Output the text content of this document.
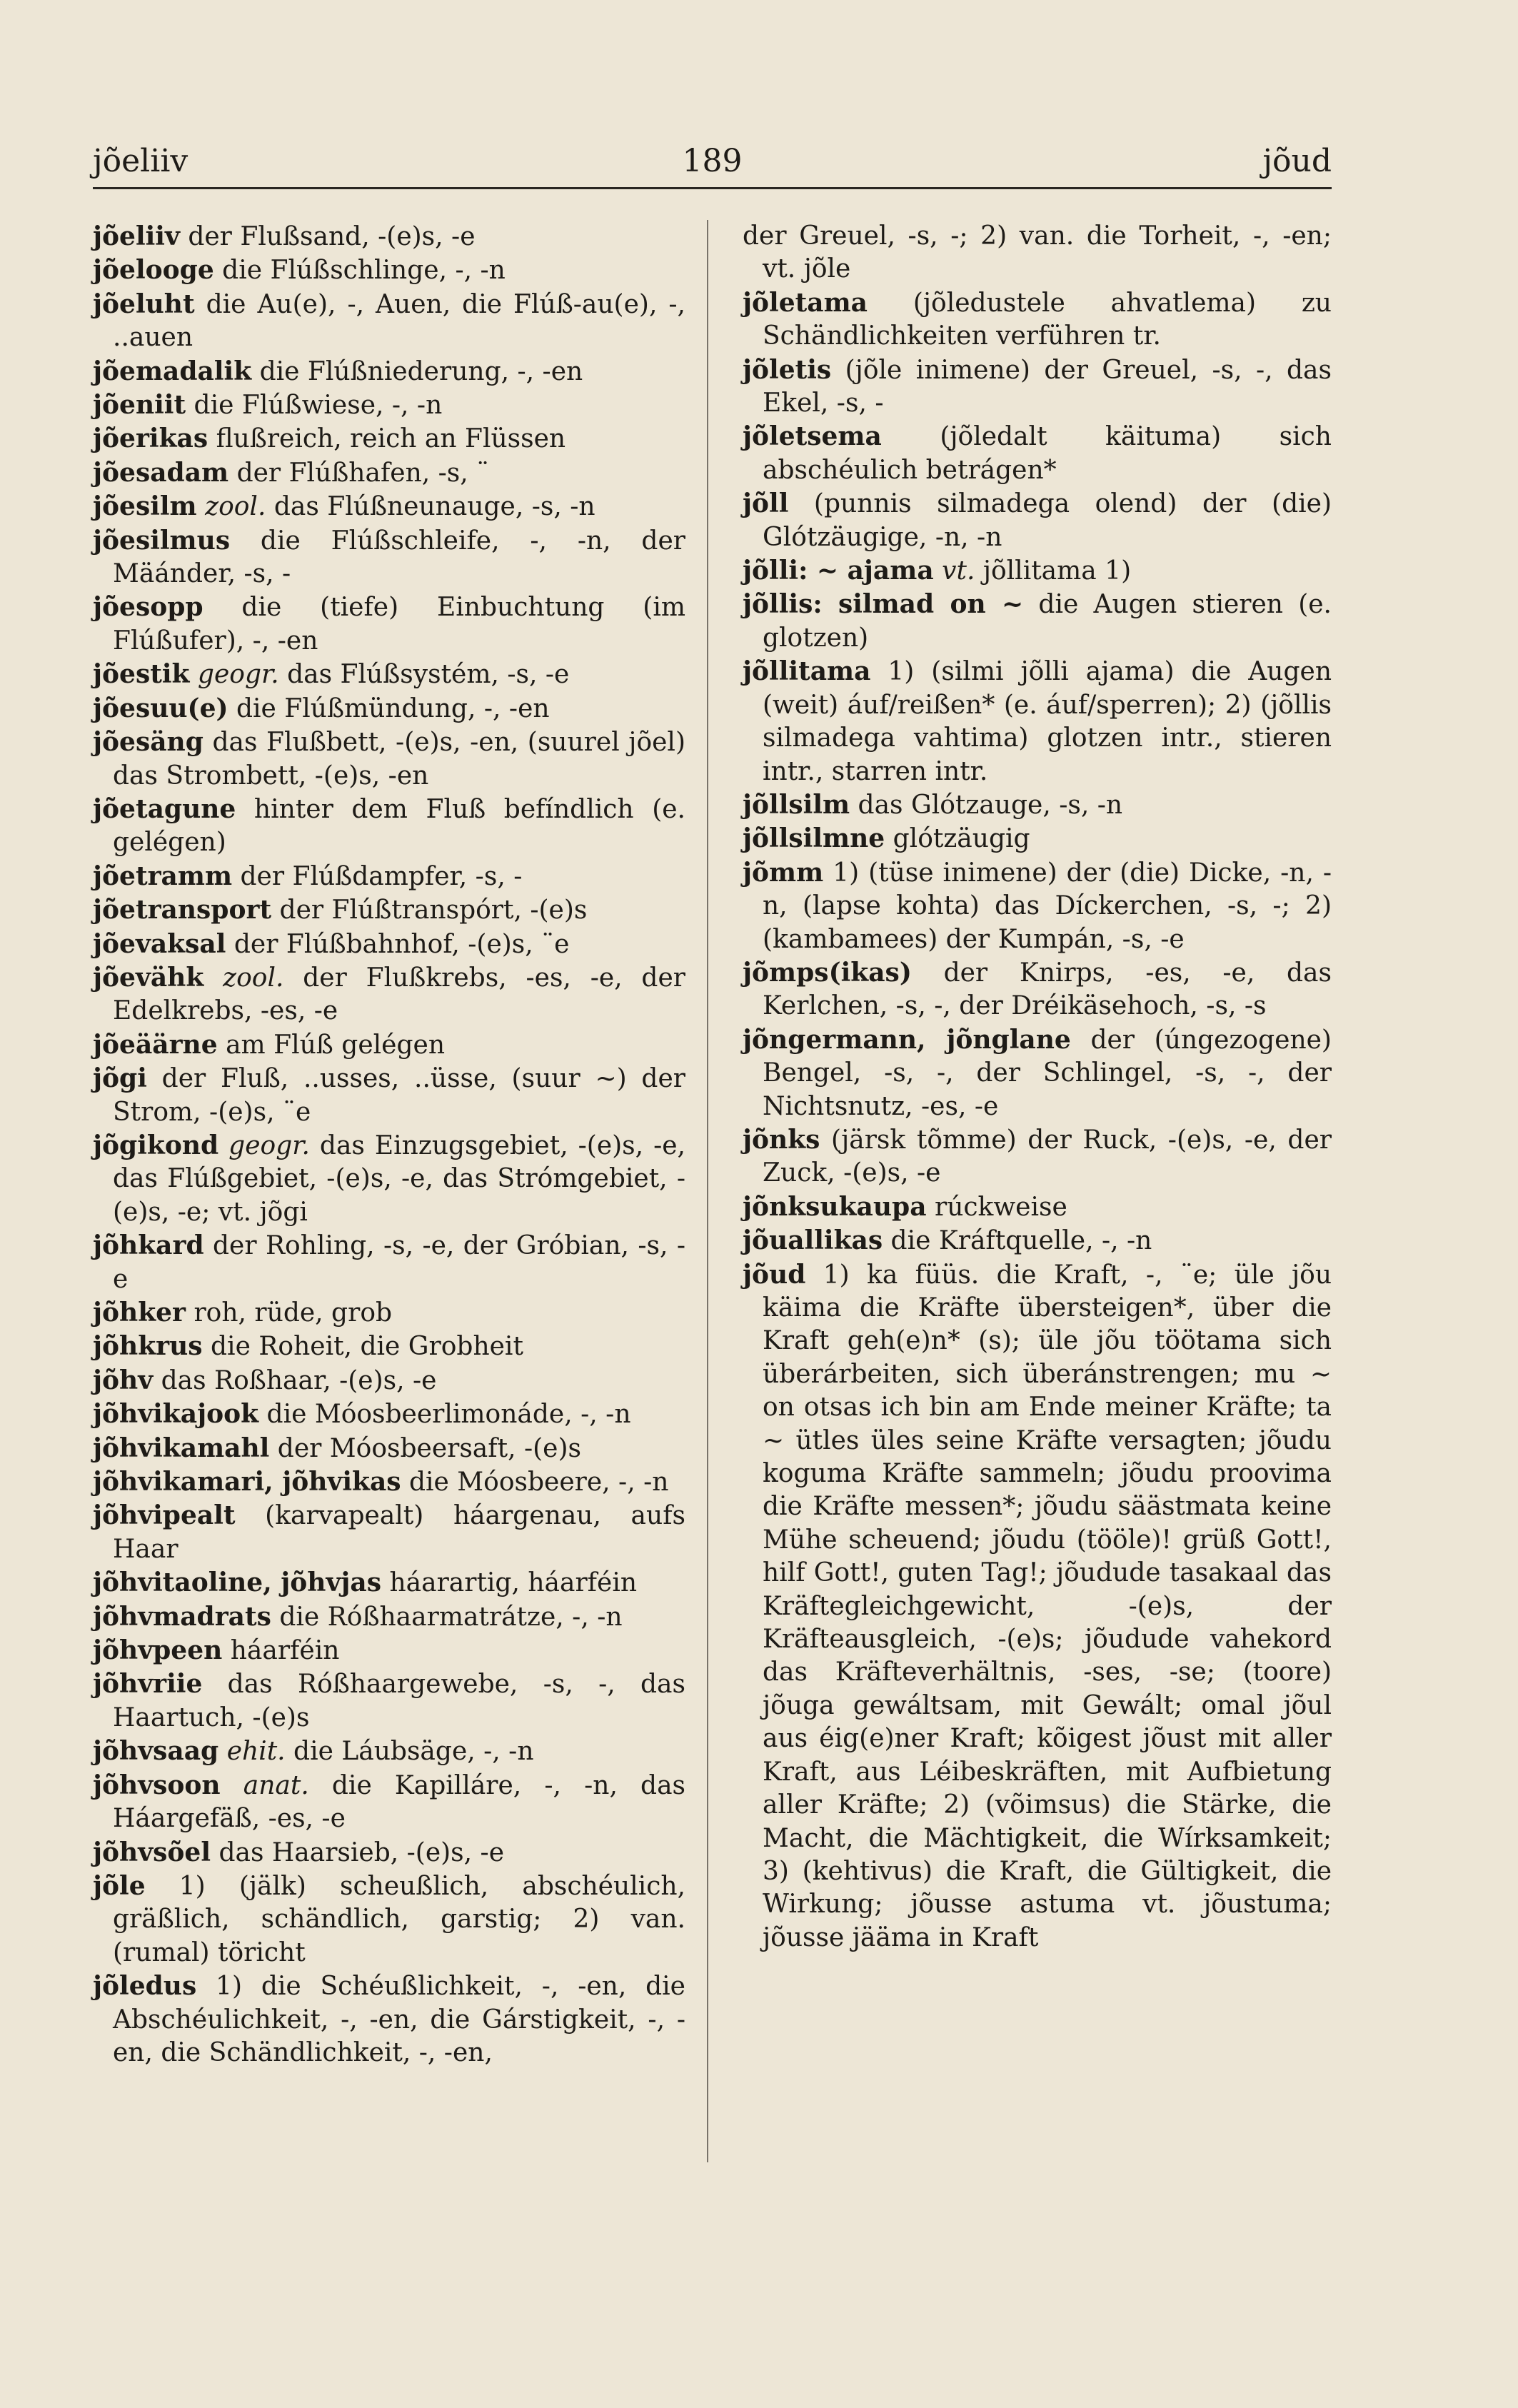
jõeliiv	189	jõud

jõeliiv der Flußsand, -(e)s, -e

jõelooge die Flúßschlinge, -, -n

jõeluht die Au(e), -, Auen, die Flúß-au(e), -, ..auen

jõemadalik die Flúßniederung, -, -en

jõeniit die Flúßwiese, -, -n

jõerikas flußreich, reich an Flüssen

jõesadam der Flúßhafen, -s, ¨

jõesilm zool. das Flúßneunauge, -s, -n

jõesilmus die Flúßschleife, -, -n, der Mäánder, -s, -

jõesopp die (tiefe) Einbuchtung (im Flúßufer), -, -en

jõestik geogr. das Flúßsystém, -s, -e

jõesuu(e) die Flúßmündung, -, -en

jõesäng das Flußbett, -(e)s, -en, (suurel jõel) das Strombett, -(e)s, -en

jõetagune hinter dem Fluß befíndlich (e. gelégen)

jõetramm der Flúßdampfer, -s, -

jõetransport der Flúßtranspórt, -(e)s

jõevaksal der Flúßbahnhof, -(e)s, ¨e

jõevähk zool. der Flußkrebs, -es, -e, der Edelkrebs, -es, -e

jõeäärne am Flúß gelégen

jõgi der Fluß, ..usses, ..üsse, (suur ~) der Strom, -(e)s, ¨e

jõgikond geogr. das Einzugsgebiet, -(e)s, -e, das Flúßgebiet, -(e)s, -e, das Strómgebiet, -(e)s, -e; vt. jõgi

jõhkard der Rohling, -s, -e, der Gróbian, -s, -e

jõhker roh, rüde, grob

jõhkrus die Roheit, die Grobheit

jõhv das Roßhaar, -(e)s, -e

jõhvikajook die Móosbeerlimonáde, -, -n

jõhvikamahl der Móosbeersaft, -(e)s

jõhvikamari, jõhvikas die Móosbeere, -, -n

jõhvipealt (karvapealt) háargenau, aufs Haar

jõhvitaoline, jõhvjas háarartig, háarféin

jõhvmadrats die Róßhaarmatrátze, -, -n

jõhvpeen háarféin

jõhvriie das Róßhaargewebe, -s, -, das Haartuch, -(e)s

jõhvsaag ehit. die Láubsäge, -, -n

jõhvsoon anat. die Kapilláre, -, -n, das Háargefäß, -es, -e

jõhvsõel das Haarsieb, -(e)s, -e

jõle 1) (jälk) scheußlich, abschéulich, gräßlich, schändlich, garstig; 2) van. (rumal) töricht

jõledus 1) die Schéußlichkeit, -, -en, die Abschéulichkeit, -, -en, die Gárstigkeit, -, -en, die Schändlichkeit, -, -en,

der Greuel, -s, -; 2) van. die Torheit, -, -en; vt. jõle

jõletama (jõledustele ahvatlema) zu Schändlichkeiten verführen tr.

jõletis (jõle inimene) der Greuel, -s, -, das Ekel, -s, -

jõletsema (jõledalt käituma) sich abschéulich betrágen*

jõll (punnis silmadega olend) der (die) Glótzäugige, -n, -n

jõlli: ~ ajama vt. jõllitama 1)

jõllis: silmad on ~ die Augen stieren (e. glotzen)

jõllitama 1) (silmi jõlli ajama) die Augen (weit) áuf/reißen* (e. áuf/sperren); 2) (jõllis silmadega vahtima) glotzen intr., stieren intr., starren intr.

jõllsilm das Glótzauge, -s, -n

jõllsilmne glótzäugig

jõmm 1) (tüse inimene) der (die) Dicke, -n, -n, (lapse kohta) das Díckerchen, -s, -; 2) (kambamees) der Kumpán, -s, -e

jõmps(ikas) der Knirps, -es, -e, das Kerlchen, -s, -, der Dréikäsehoch, -s, -s

jõngermann, jõnglane der (úngezogene) Bengel, -s, -, der Schlingel, -s, -, der Nichtsnutz, -es, -e

jõnks (järsk tõmme) der Ruck, -(e)s, -e, der Zuck, -(e)s, -e

jõnksukaupa rúckweise

jõuallikas die Kráftquelle, -, -n

jõud 1) ka füüs. die Kraft, -, ¨e; üle jõu käima die Kräfte übersteigen*, über die Kraft geh(e)n* (s); üle jõu töötama sich überárbeiten, sich überánstrengen; mu ~ on otsas ich bin am Ende meiner Kräfte; ta ~ ütles üles seine Kräfte versagten; jõudu koguma Kräfte sammeln; jõudu proovima die Kräfte messen*; jõudu säästmata keine Mühe scheuend; jõudu (tööle)! grüß Gott!, hilf Gott!, guten Tag!; jõudude tasakaal das Kräftegleichgewicht, -(e)s, der Kräfteausgleich, -(e)s; jõudude vahekord das Kräfteverhältnis, -ses, -se; (toore) jõuga gewáltsam, mit Gewált; omal jõul aus éig(e)ner Kraft; kõigest jõust mit aller Kraft, aus Léibeskräften, mit Aufbietung aller Kräfte; 2) (võimsus) die Stärke, die Macht, die Mächtigkeit, die Wírksamkeit; 3) (kehtivus) die Kraft, die Gültigkeit, die Wirkung; jõusse astuma vt. jõustuma; jõusse jääma in Kraft
